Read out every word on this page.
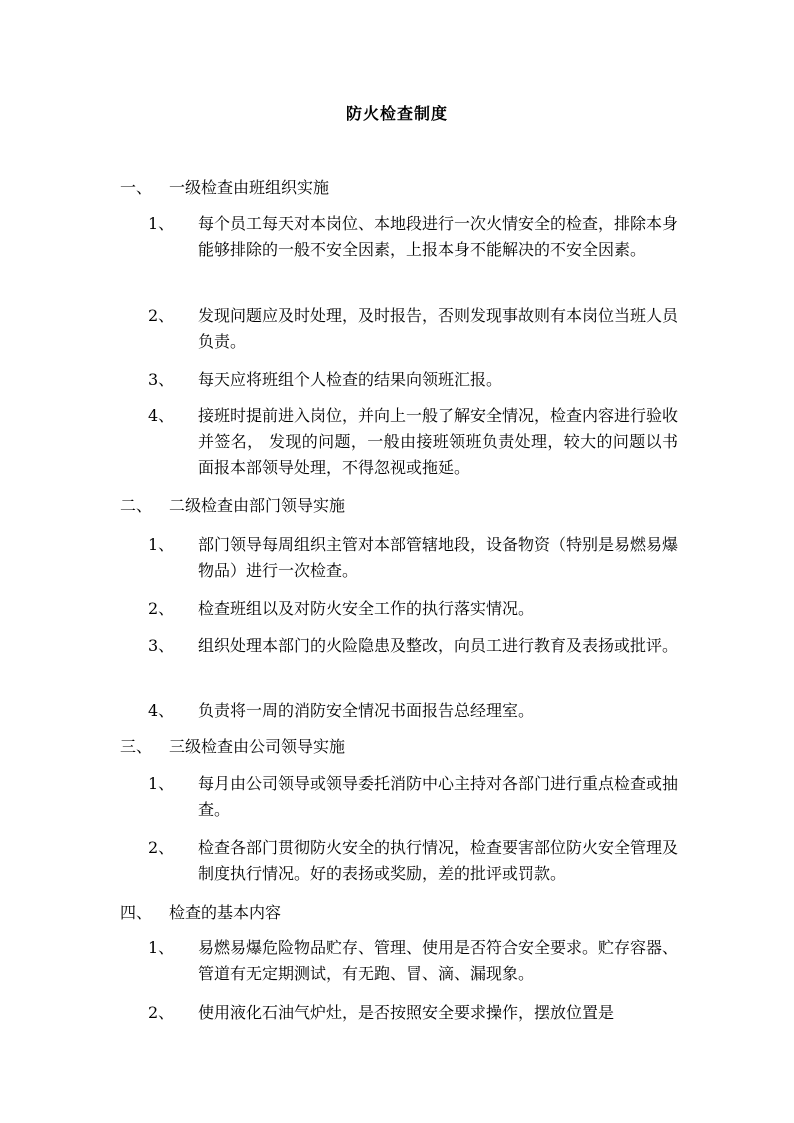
防火检查制度
一、 一级检查由班组织实施
1、	每个员工每天对本岗位、本地段进行一次火情安全的检查，排除本身能够排除的一般不安全因素，上报本身不能解决的不安全因素。
2、	发现问题应及时处理，及时报告，否则发现事故则有本岗位当班人员负责。
3、	每天应将班组个人检查的结果向领班汇报。
4、	接班时提前进入岗位，并向上一般了解安全情况，检查内容进行验收并签名， 发现的问题，一般由接班领班负责处理，较大的问题以书面报本部领导处理，不得忽视或拖延。
二、 二级检查由部门领导实施
1、	部门领导每周组织主管对本部管辖地段，设备物资（特别是易燃易爆物品）进行一次检查。
2、	检查班组以及对防火安全工作的执行落实情况。
3、	组织处理本部门的火险隐患及整改，向员工进行教育及表扬或批评。
4、	负责将一周的消防安全情况书面报告总经理室。
三、 三级检查由公司领导实施
1、	每月由公司领导或领导委托消防中心主持对各部门进行重点检查或抽查。
2、	检查各部门贯彻防火安全的执行情况，检查要害部位防火安全管理及制度执行情况。好的表扬或奖励，差的批评或罚款。
四、 检查的基本内容
1、	易燃易爆危险物品贮存、管理、使用是否符合安全要求。贮存容器、管道有无定期测试，有无跑、冒、滴、漏现象。
2、	使用液化石油气炉灶，是否按照安全要求操作，摆放位置是
